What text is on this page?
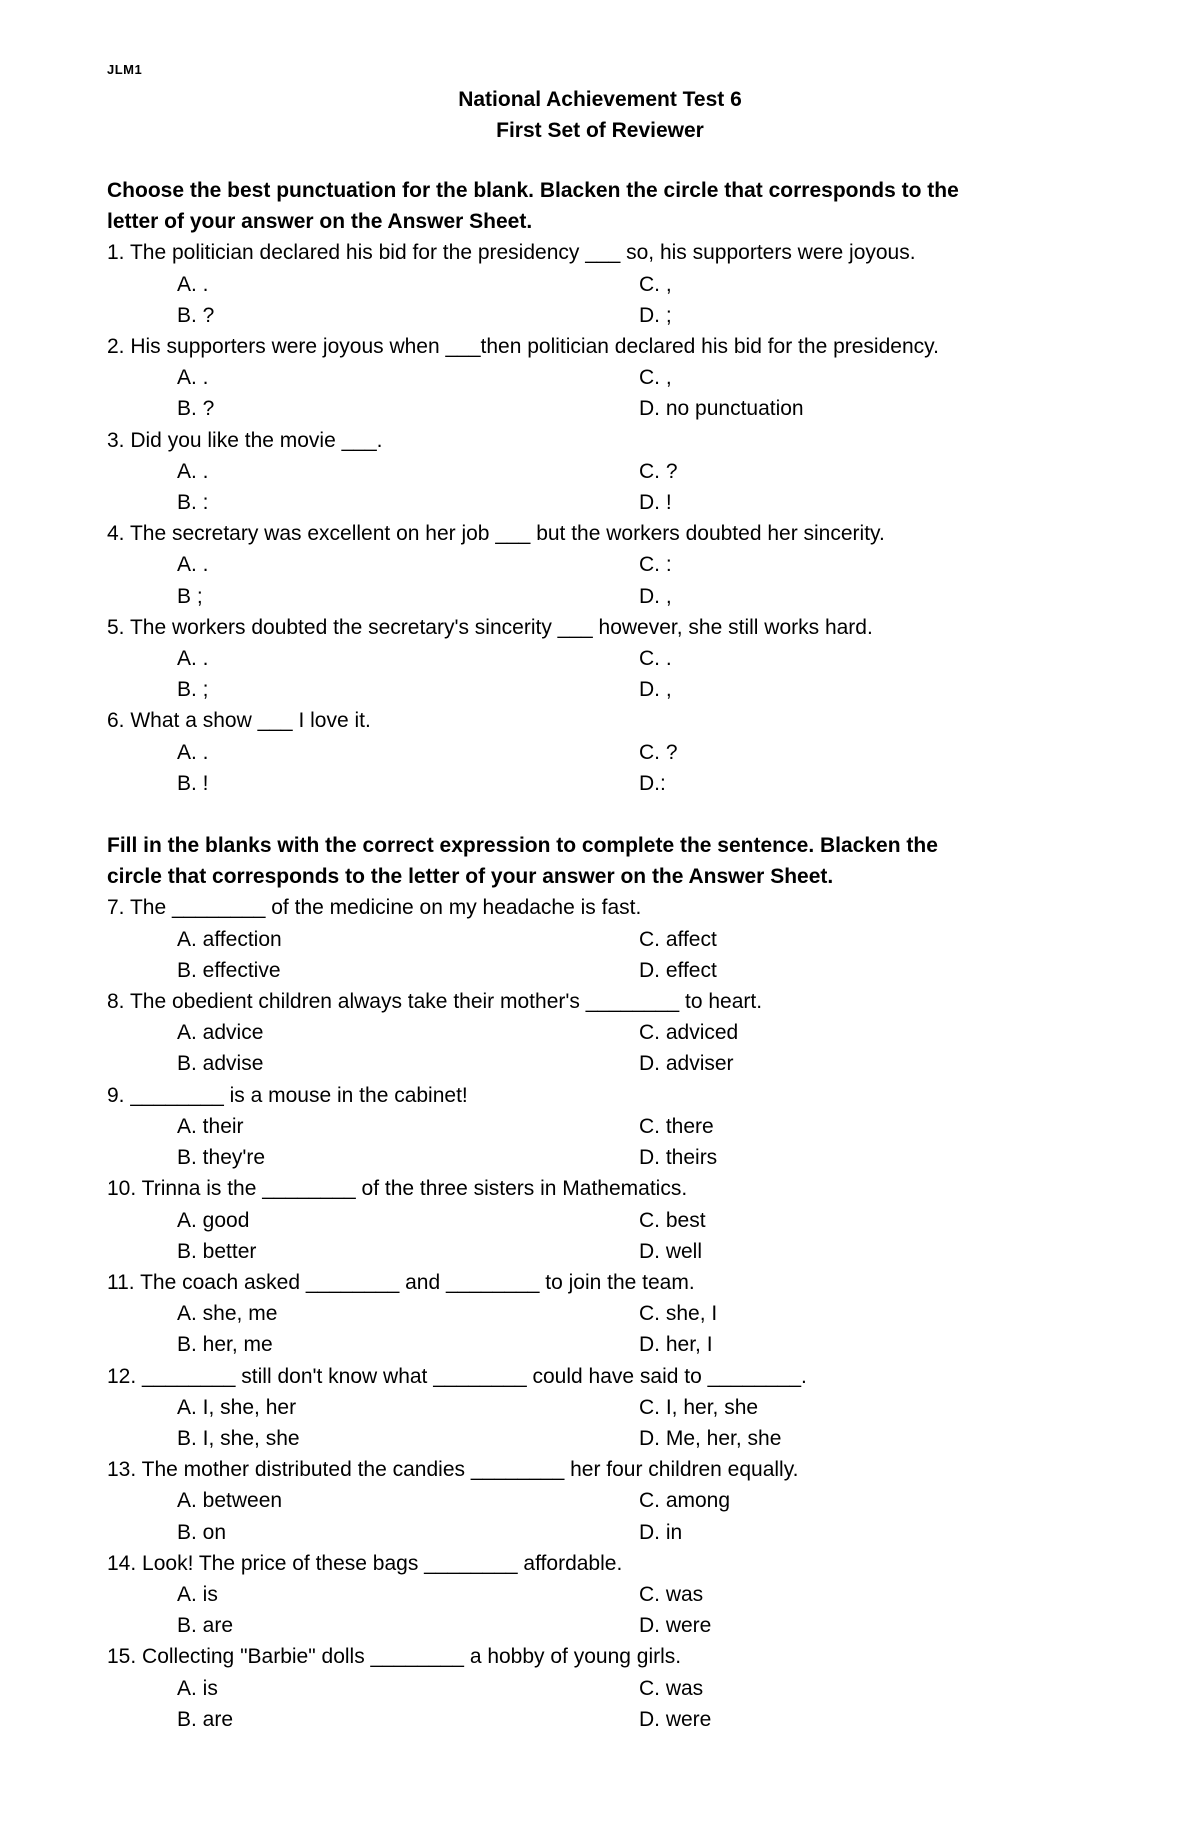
JLM1
National Achievement Test 6
First Set of Reviewer
Choose the best punctuation for the blank. Blacken the circle that corresponds to the
letter of your answer on the Answer Sheet.
1. The politician declared his bid for the presidency ___ so, his supporters were joyous.
A. .	C. ,
B. ?	D. ;
2. His supporters were joyous when ___then politician declared his bid for the presidency.
A. .	C. ,
B. ?	D. no punctuation
3. Did you like the movie ___.
A. .	C. ?
B. :	D. !
4. The secretary was excellent on her job ___ but the workers doubted her sincerity.
A. .	C. :
B ;	D. ,
5. The workers doubted the secretary's sincerity ___ however, she still works hard.
A. .	C. .
B. ;	D. ,
6. What a show ___ I love it.
A. .	C. ?
B. !	D.:
Fill in the blanks with the correct expression to complete the sentence. Blacken the
circle that corresponds to the letter of your answer on the Answer Sheet.
7. The ________ of the medicine on my headache is fast.
A. affection	C. affect
B. effective	D. effect
8. The obedient children always take their mother's ________ to heart.
A. advice	C. adviced
B. advise	D. adviser
9. ________ is a mouse in the cabinet!
A. their	C. there
B. they're	D. theirs
10. Trinna is the ________ of the three sisters in Mathematics.
A. good	C. best
B. better	D. well
11. The coach asked ________ and ________ to join the team.
A. she, me	C. she, I
B. her, me	D. her, I
12. ________ still don't know what ________ could have said to ________.
A. I, she, her	C. I, her, she
B. I, she, she	D. Me, her, she
13. The mother distributed the candies ________ her four children equally.
A. between	C. among
B. on	D. in
14. Look! The price of these bags ________ affordable.
A. is	C. was
B. are	D. were
15. Collecting "Barbie" dolls ________ a hobby of young girls.
A. is	C. was
B. are	D. were
